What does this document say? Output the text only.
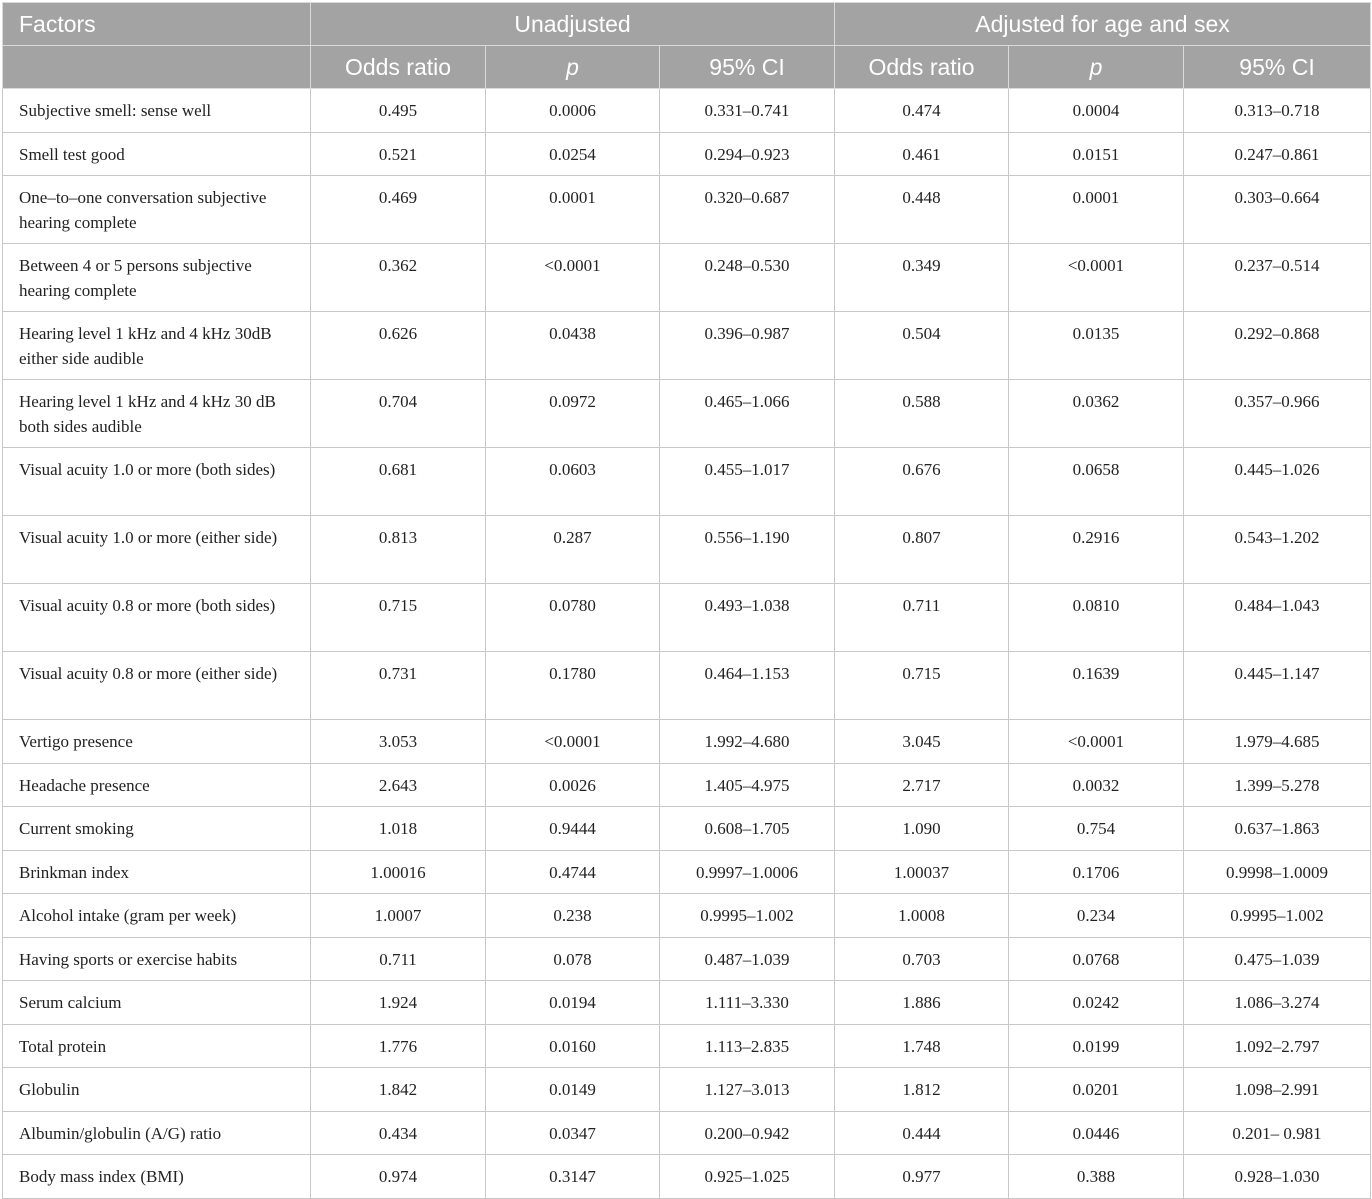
Factors	Unadjusted			Adjusted for age and sex		
	Odds ratio	p	95% CI	Odds ratio	p	95% CI
Subjective smell: sense well	0.495	0.0006	0.331–0.741	0.474	0.0004	0.313–0.718
Smell test good	0.521	0.0254	0.294–0.923	0.461	0.0151	0.247–0.861
One–to–one conversation subjective hearing complete	0.469	0.0001	0.320–0.687	0.448	0.0001	0.303–0.664
Between 4 or 5 persons subjective hearing complete	0.362	<0.0001	0.248–0.530	0.349	<0.0001	0.237–0.514
Hearing level 1 kHz and 4 kHz 30dB either side audible	0.626	0.0438	0.396–0.987	0.504	0.0135	0.292–0.868
Hearing level 1 kHz and 4 kHz 30 dB both sides audible	0.704	0.0972	0.465–1.066	0.588	0.0362	0.357–0.966
Visual acuity 1.0 or more (both sides)	0.681	0.0603	0.455–1.017	0.676	0.0658	0.445–1.026
Visual acuity 1.0 or more (either side)	0.813	0.287	0.556–1.190	0.807	0.2916	0.543–1.202
Visual acuity 0.8 or more (both sides)	0.715	0.0780	0.493–1.038	0.711	0.0810	0.484–1.043
Visual acuity 0.8 or more (either side)	0.731	0.1780	0.464–1.153	0.715	0.1639	0.445–1.147
Vertigo presence	3.053	<0.0001	1.992–4.680	3.045	<0.0001	1.979–4.685
Headache presence	2.643	0.0026	1.405–4.975	2.717	0.0032	1.399–5.278
Current smoking	1.018	0.9444	0.608–1.705	1.090	0.754	0.637–1.863
Brinkman index	1.00016	0.4744	0.9997–1.0006	1.00037	0.1706	0.9998–1.0009
Alcohol intake (gram per week)	1.0007	0.238	0.9995–1.002	1.0008	0.234	0.9995–1.002
Having sports or exercise habits	0.711	0.078	0.487–1.039	0.703	0.0768	0.475–1.039
Serum calcium	1.924	0.0194	1.111–3.330	1.886	0.0242	1.086–3.274
Total protein	1.776	0.0160	1.113–2.835	1.748	0.0199	1.092–2.797
Globulin	1.842	0.0149	1.127–3.013	1.812	0.0201	1.098–2.991
Albumin/globulin (A/G) ratio	0.434	0.0347	0.200–0.942	0.444	0.0446	0.201– 0.981
Body mass index (BMI)	0.974	0.3147	0.925–1.025	0.977	0.388	0.928–1.030
